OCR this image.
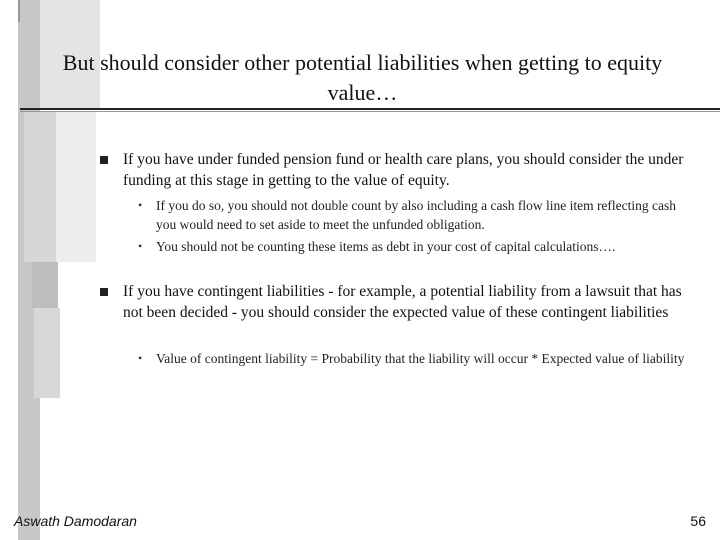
But should consider other potential liabilities when getting to equity value…
If you have under funded pension fund or health care plans, you should consider the under funding at this stage in getting to the value of equity.
• If you do so, you should not double count by also including a cash flow line item reflecting cash you would need to set aside to meet the unfunded obligation.
• You should not be counting these items as debt in your cost of capital calculations….
If you have contingent liabilities - for example, a potential liability from a lawsuit that has not been decided - you should consider the expected value of these contingent liabilities
• Value of contingent liability = Probability that the liability will occur * Expected value of liability
Aswath Damodaran	56
